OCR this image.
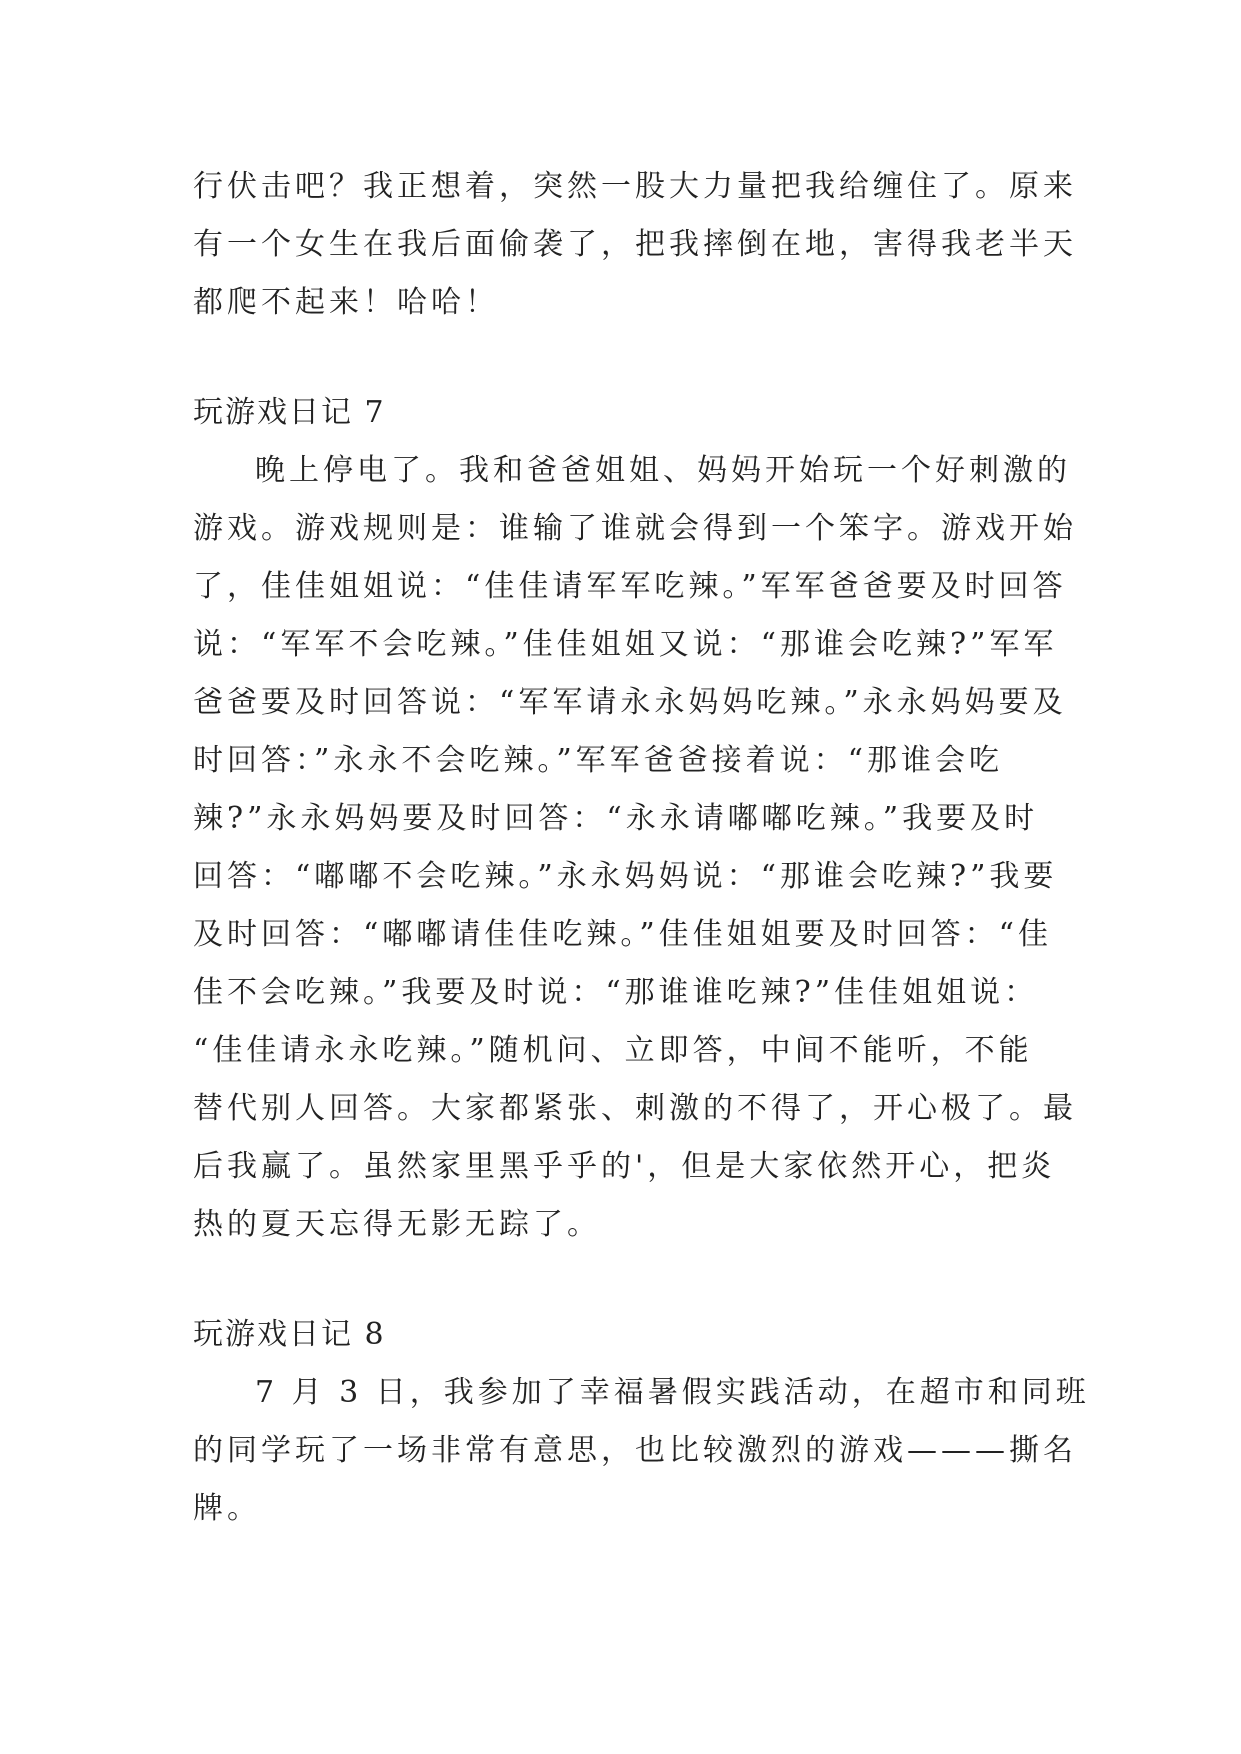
行伏击吧？我正想着，突然一股大力量把我给缠住了。原来
有一个女生在我后面偷袭了，把我摔倒在地，害得我老半天
都爬不起来！哈哈！
玩游戏日记 7
晚上停电了。我和爸爸姐姐、妈妈开始玩一个好刺激的
游戏。游戏规则是：谁输了谁就会得到一个笨字。游戏开始
了，佳佳姐姐说：“佳佳请军军吃辣。”军军爸爸要及时回答
说：“军军不会吃辣。”佳佳姐姐又说：“那谁会吃辣?”军军
爸爸要及时回答说：“军军请永永妈妈吃辣。”永永妈妈要及
时回答：”永永不会吃辣。”军军爸爸接着说：“那谁会吃
辣?”永永妈妈要及时回答：“永永请嘟嘟吃辣。”我要及时
回答：“嘟嘟不会吃辣。”永永妈妈说：“那谁会吃辣?”我要
及时回答：“嘟嘟请佳佳吃辣。”佳佳姐姐要及时回答：“佳
佳不会吃辣。”我要及时说：“那谁谁吃辣?”佳佳姐姐说：
“佳佳请永永吃辣。”随机问、立即答，中间不能听，不能
替代别人回答。大家都紧张、刺激的不得了，开心极了。最
后我赢了。虽然家里黑乎乎的'，但是大家依然开心，把炎
热的夏天忘得无影无踪了。
玩游戏日记 8
7 月 3 日，我参加了幸福暑假实践活动，在超市和同班
的同学玩了一场非常有意思，也比较激烈的游戏———撕名
牌。
